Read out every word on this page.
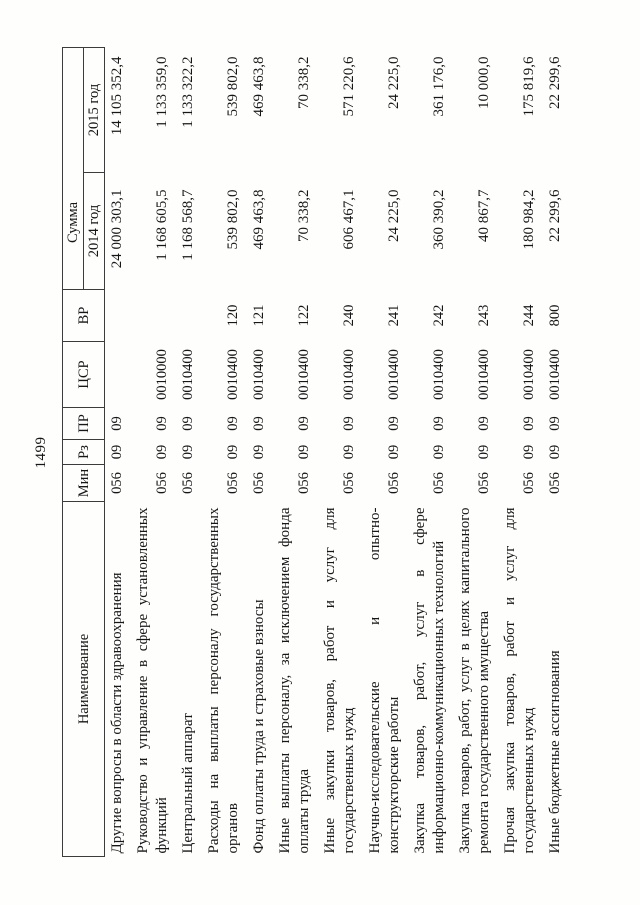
1499
Наименование	Мин	Рз	ПР	ЦСР	ВР	Сумма	
						2014 год	2015 год
Другие вопросы в области здравоохранения	056	09	09			24 000 303,1	14 105 352,4
Руководство и управление в сфере установленных функций	056	09	09	0010000		1 168 605,5	1 133 359,0
Центральный аппарат	056	09	09	0010400		1 168 568,7	1 133 322,2
Расходы на выплаты персоналу государственных органов	056	09	09	0010400	120	539 802,0	539 802,0
Фонд оплаты труда и страховые взносы	056	09	09	0010400	121	469 463,8	469 463,8
Иные выплаты персоналу, за исключением фонда оплаты труда	056	09	09	0010400	122	70 338,2	70 338,2
Иные закупки товаров, работ и услуг для государственных нужд	056	09	09	0010400	240	606 467,1	571 220,6
Научно-исследовательские и опытно-конструкторские работы	056	09	09	0010400	241	24 225,0	24 225,0
Закупка товаров, работ, услуг в сфере информационно-коммуникационных технологий	056	09	09	0010400	242	360 390,2	361 176,0
Закупка товаров, работ, услуг в целях капитального ремонта государственного имущества	056	09	09	0010400	243	40 867,7	10 000,0
Прочая закупка товаров, работ и услуг для государственных нужд	056	09	09	0010400	244	180 984,2	175 819,6
Иные бюджетные ассигнования	056	09	09	0010400	800	22 299,6	22 299,6
